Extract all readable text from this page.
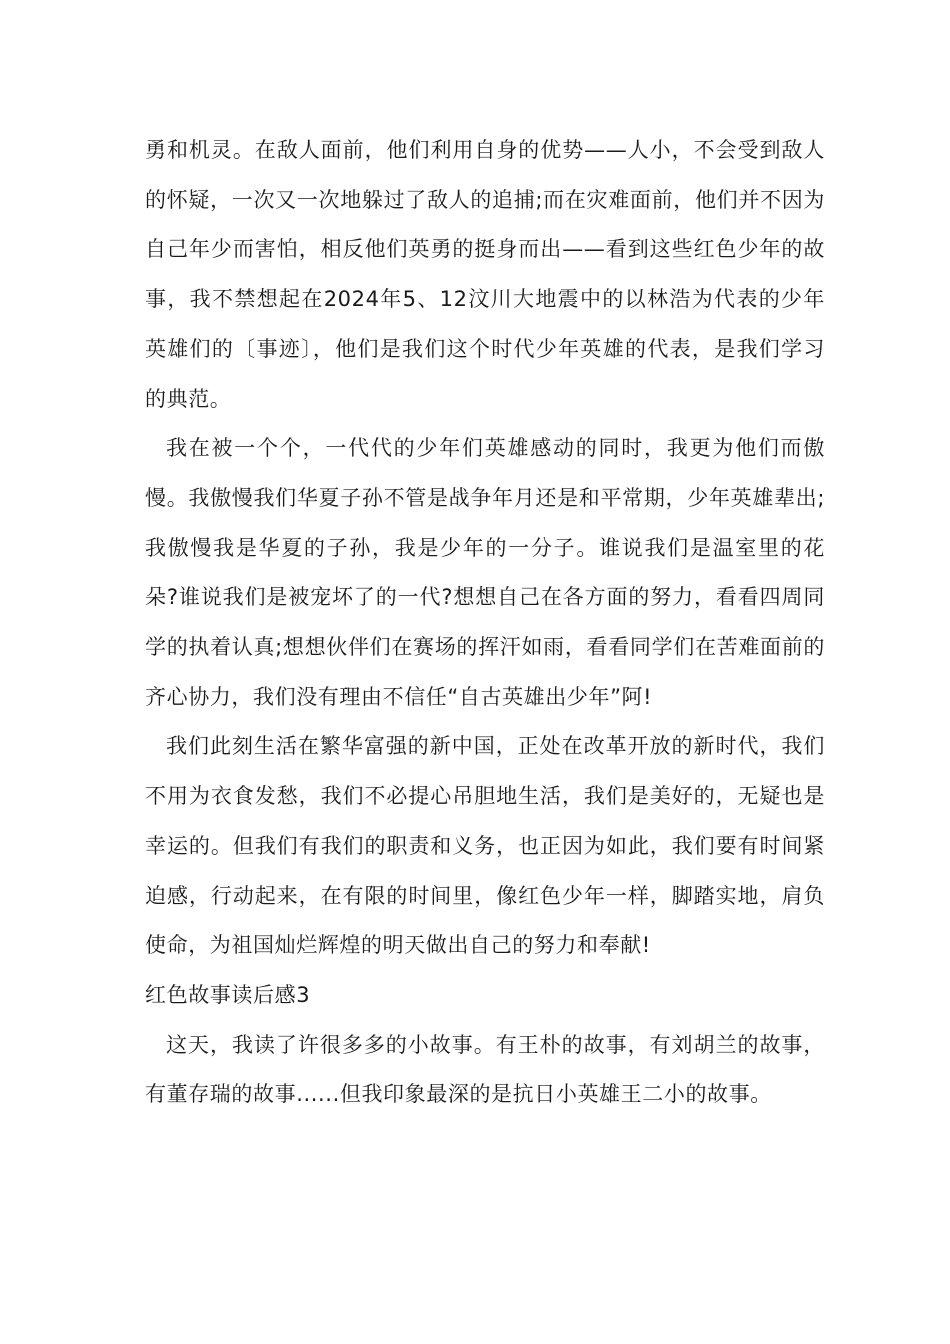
勇和机灵。在敌人面前，他们利用自身的优势——人小，不会受到敌人的怀疑，一次又一次地躲过了敌人的追捕;而在灾难面前，他们并不因为自己年少而害怕，相反他们英勇的挺身而出——看到这些红色少年的故事，我不禁想起在2024年5、12汶川大地震中的以林浩为代表的少年英雄们的〔事迹〕，他们是我们这个时代少年英雄的代表，是我们学习的典范。

我在被一个个，一代代的少年们英雄感动的同时，我更为他们而傲慢。我傲慢我们华夏子孙不管是战争年月还是和平常期，少年英雄辈出;我傲慢我是华夏的子孙，我是少年的一分子。谁说我们是温室里的花朵?谁说我们是被宠坏了的一代?想想自己在各方面的努力，看看四周同学的执着认真;想想伙伴们在赛场的挥汗如雨，看看同学们在苦难面前的齐心协力，我们没有理由不信任“自古英雄出少年”阿!

我们此刻生活在繁华富强的新中国，正处在改革开放的新时代，我们不用为衣食发愁，我们不必提心吊胆地生活，我们是美好的，无疑也是幸运的。但我们有我们的职责和义务，也正因为如此，我们要有时间紧迫感，行动起来，在有限的时间里，像红色少年一样，脚踏实地，肩负使命，为祖国灿烂辉煌的明天做出自己的努力和奉献!

红色故事读后感3

这天，我读了许很多多的小故事。有王朴的故事，有刘胡兰的故事，有董存瑞的故事......但我印象最深的是抗日小英雄王二小的故事。
